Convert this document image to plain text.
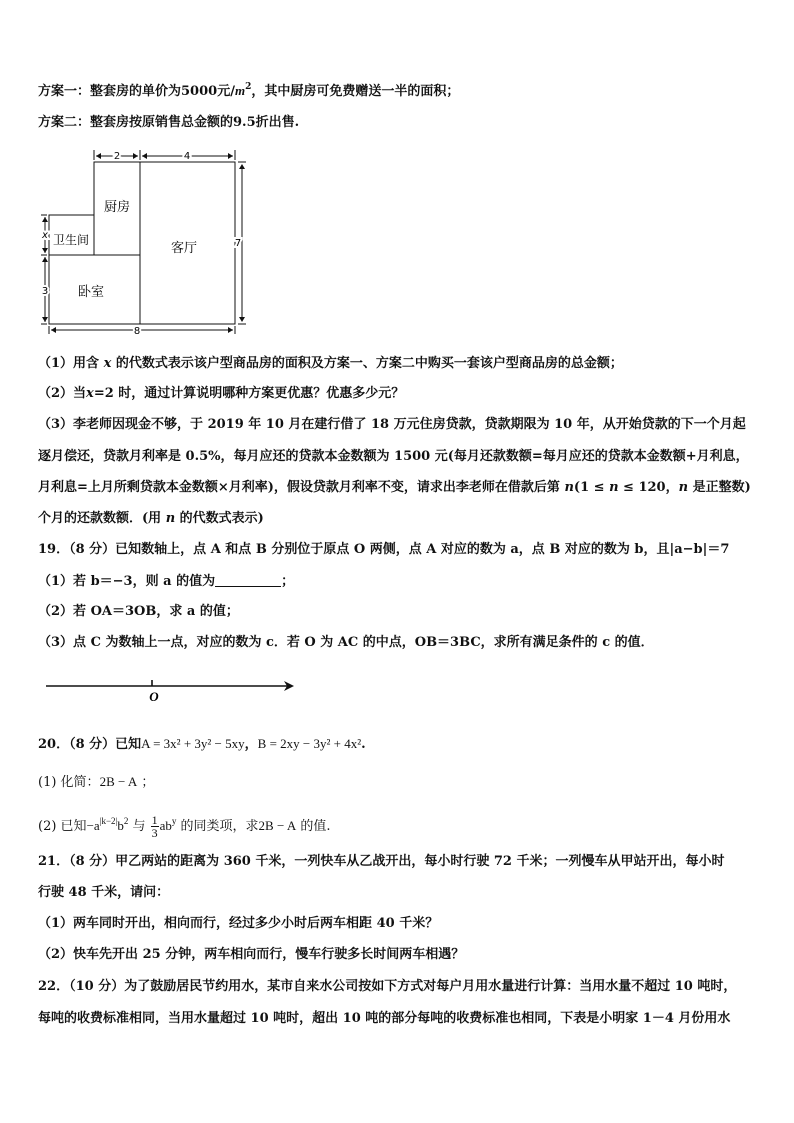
方案一：整套房的单价为5000元$/m^2$，其中厨房可免费赠送一半的面积；
方案二：整套房按原销售总金额的9.5折出售.
厨房
卫生间
客厅
卧室
2	4
7
x
3
8
（1）用含 x 的代数式表示该户型商品房的面积及方案一、方案二中购买一套该户型商品房的总金额；
（2）当x=2 时，通过计算说明哪种方案更优惠？优惠多少元？
（3）李老师因现金不够，于 2019 年 10 月在建行借了 18 万元住房贷款，贷款期限为 10 年，从开始贷款的下一个月起
逐月偿还，贷款月利率是 0.5%，每月应还的贷款本金数额为 1500 元(每月还款数额=每月应还的贷款本金数额+月利息，
月利息=上月所剩贷款本金数额×月利率)，假设贷款月利率不变，请求出李老师在借款后第 n(1 ≤ n ≤ 120，n 是正整数)
个月的还款数额．(用 n 的代数式表示)
19．（8 分）已知数轴上，点 A 和点 B 分别位于原点 O 两侧，点 A 对应的数为 a，点 B 对应的数为 b，且|a−b|＝7
（1）若 b＝−3，则 a 的值为	；
（2）若 OA＝3OB，求 a 的值；
（3）点 C 为数轴上一点，对应的数为 c．若 O 为 AC 的中点，OB＝3BC，求所有满足条件的 c 的值．
O
20．（8 分）已知A = 3x² + 3y² − 5xy，B = 2xy − 3y² + 4x².
(1) 化简：2B − A ；
(2) 已知$-a^{|k-2|}b^2$ 与 $\frac{1}{3} ab^y$ 的同类项，求2B − A 的值.
21．（8 分）甲乙两站的距离为 360 千米，一列快车从乙战开出，每小时行驶 72 千米；一列慢车从甲站开出，每小时
行驶 48 千米，请问：
（1）两车同时开出，相向而行，经过多少小时后两车相距 40 千米？
（2）快车先开出 25 分钟，两车相向而行，慢车行驶多长时间两车相遇？
22．（10 分）为了鼓励居民节约用水，某市自来水公司按如下方式对每户月用水量进行计算：当用水量不超过 10 吨时，
每吨的收费标准相同，当用水量超过 10 吨时，超出 10 吨的部分每吨的收费标准也相同，下表是小明家 1－4 月份用水
